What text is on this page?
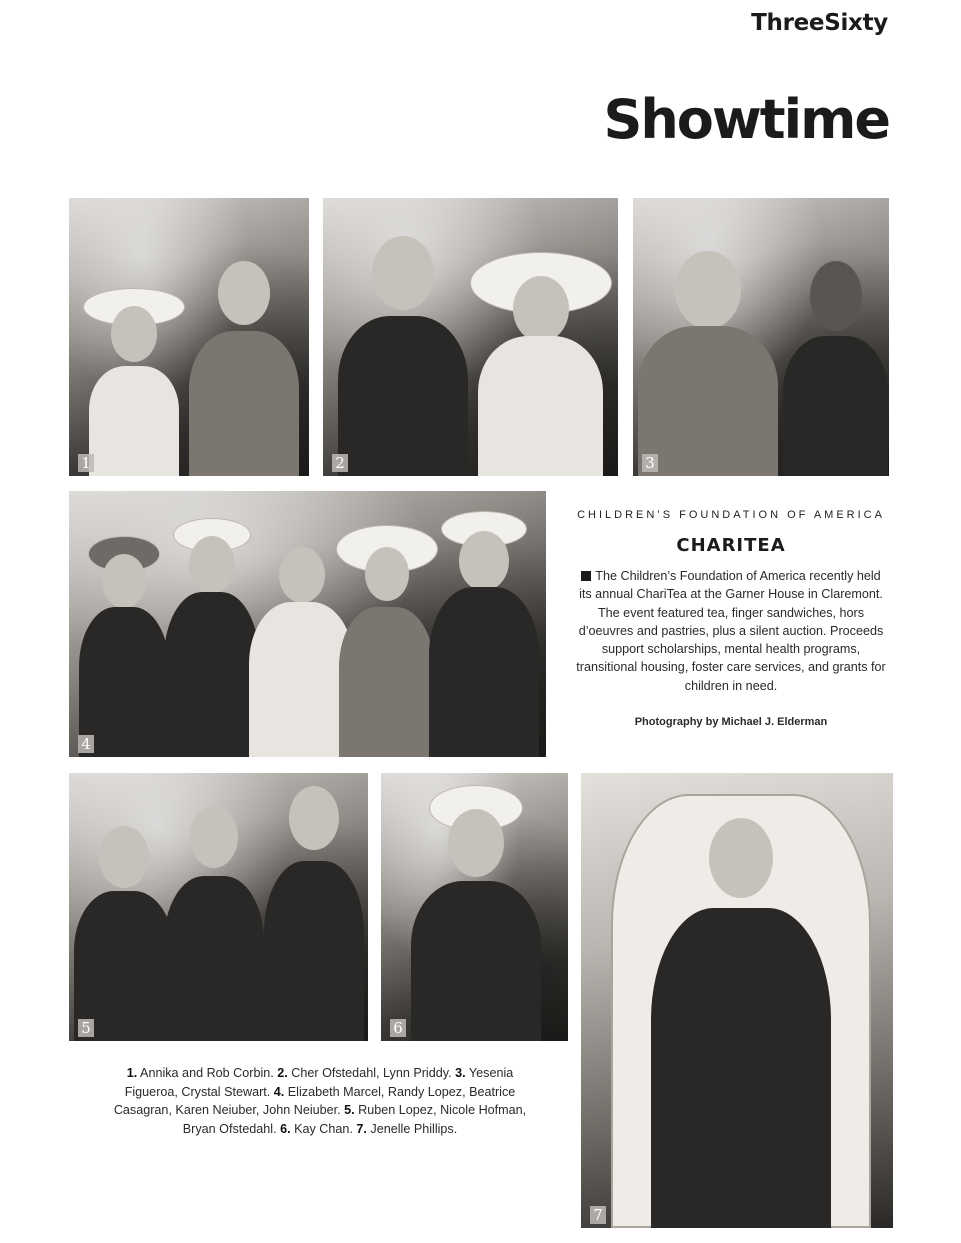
ThreeSixty
Showtime
1	2	3
4
CHILDREN’S FOUNDATION OF AMERICA
CHARITEA
The Children’s Foundation of America recently held its annual ChariTea at the Garner House in Claremont. The event featured tea, finger sandwiches, hors d’oeuvres and pastries, plus a silent auction. Proceeds support scholarships, mental health programs, transitional housing, foster care services, and grants for children in need.
Photography by Michael J. Elderman
5	6
7
1. Annika and Rob Corbin. 2. Cher Ofstedahl, Lynn Priddy. 3. Yesenia Figueroa, Crystal Stewart. 4. Elizabeth Marcel, Randy Lopez, Beatrice Casagran, Karen Neiuber, John Neiuber. 5. Ruben Lopez, Nicole Hofman, Bryan Ofstedahl. 6. Kay Chan. 7. Jenelle Phillips.
